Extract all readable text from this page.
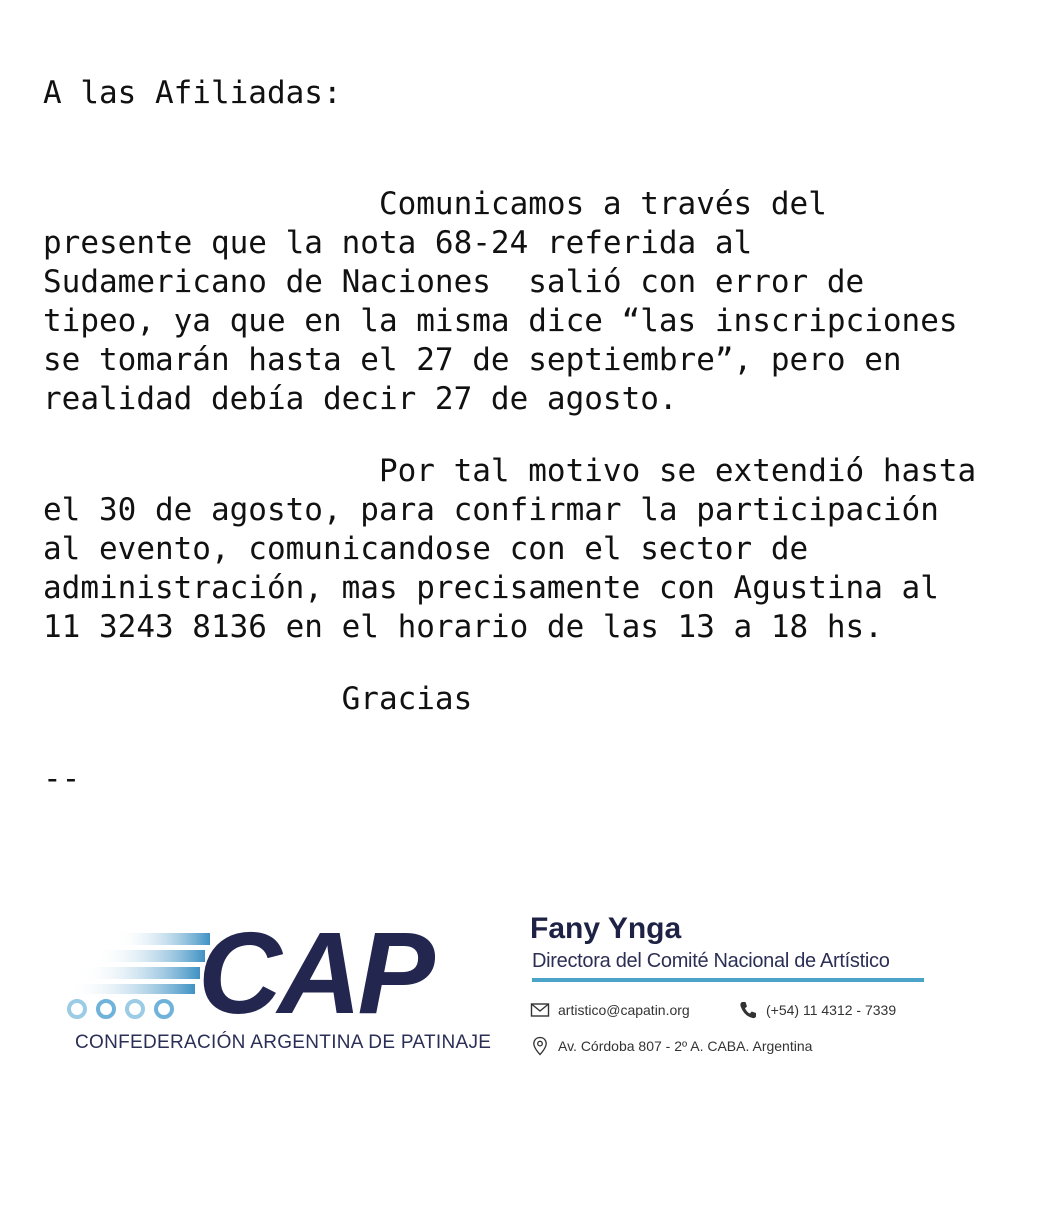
A las Afiliadas:

Comunicamos a través del
presente que la nota 68-24 referida al
Sudamericano de Naciones  salió con error de
tipeo, ya que en la misma dice “las inscripciones
se tomarán hasta el 27 de septiembre”, pero en
realidad debía decir 27 de agosto.

Por tal motivo se extendió hasta
el 30 de agosto, para confirmar la participación
al evento, comunicandose con el sector de
administración, mas precisamente con Agustina al
11 3243 8136 en el horario de las 13 a 18 hs.

Gracias

--

CAP
CONFEDERACIÓN ARGENTINA DE PATINAJE
Fany Ynga
Directora del Comité Nacional de Artístico
artistico@capatin.org	(+54) 11 4312 - 7339
Av. Córdoba 807 - 2º A. CABA. Argentina
